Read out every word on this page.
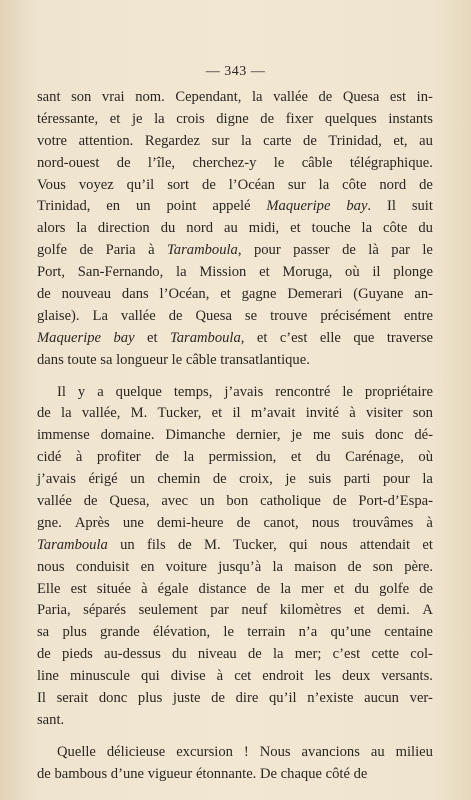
— 343 —
sant son vrai nom. Cependant, la vallée de Quesa est in-
téressante, et je la crois digne de fixer quelques instants
votre attention. Regardez sur la carte de Trinidad, et, au
nord-ouest de l’île, cherchez-y le câble télégraphique.
Vous voyez qu’il sort de l’Océan sur la côte nord de
Trinidad, en un point appelé Maqueripe bay. Il suit
alors la direction du nord au midi, et touche la côte du
golfe de Paria à Taramboula, pour passer de là par le
Port, San-Fernando, la Mission et Moruga, où il plonge
de nouveau dans l’Océan, et gagne Demerari (Guyane an-
glaise). La vallée de Quesa se trouve précisément entre
Maqueripe bay et Taramboula, et c’est elle que traverse
dans
toute
sa
longueur
le
câble
transatlantique.
Il y a quelque temps, j’avais rencontré le propriétaire
de la vallée, M. Tucker, et il m’avait invité à visiter son
immense domaine. Dimanche dernier, je me suis donc dé-
cidé à profiter de la permission, et du Carénage, où
j’avais érigé un chemin de croix, je suis parti pour la
vallée de Quesa, avec un bon catholique de Port-d’Espa-
gne. Après une demi-heure de canot, nous trouvâmes à
Taramboula un fils de M. Tucker, qui nous attendait et
nous conduisit en voiture jusqu’à la maison de son père.
Elle est située à égale distance de la mer et du golfe de
Paria, séparés seulement par neuf kilomètres et demi. A
sa plus grande élévation, le terrain n’a qu’une centaine
de pieds au-dessus du niveau de la mer; c’est cette col-
line minuscule qui divise à cet endroit les deux versants.
Il serait donc plus juste de dire qu’il n’existe aucun ver-
sant.
Quelle délicieuse excursion ! Nous avancions au milieu
de
bambous
d’une
vigueur
étonnante.
De
chaque
côté
de
